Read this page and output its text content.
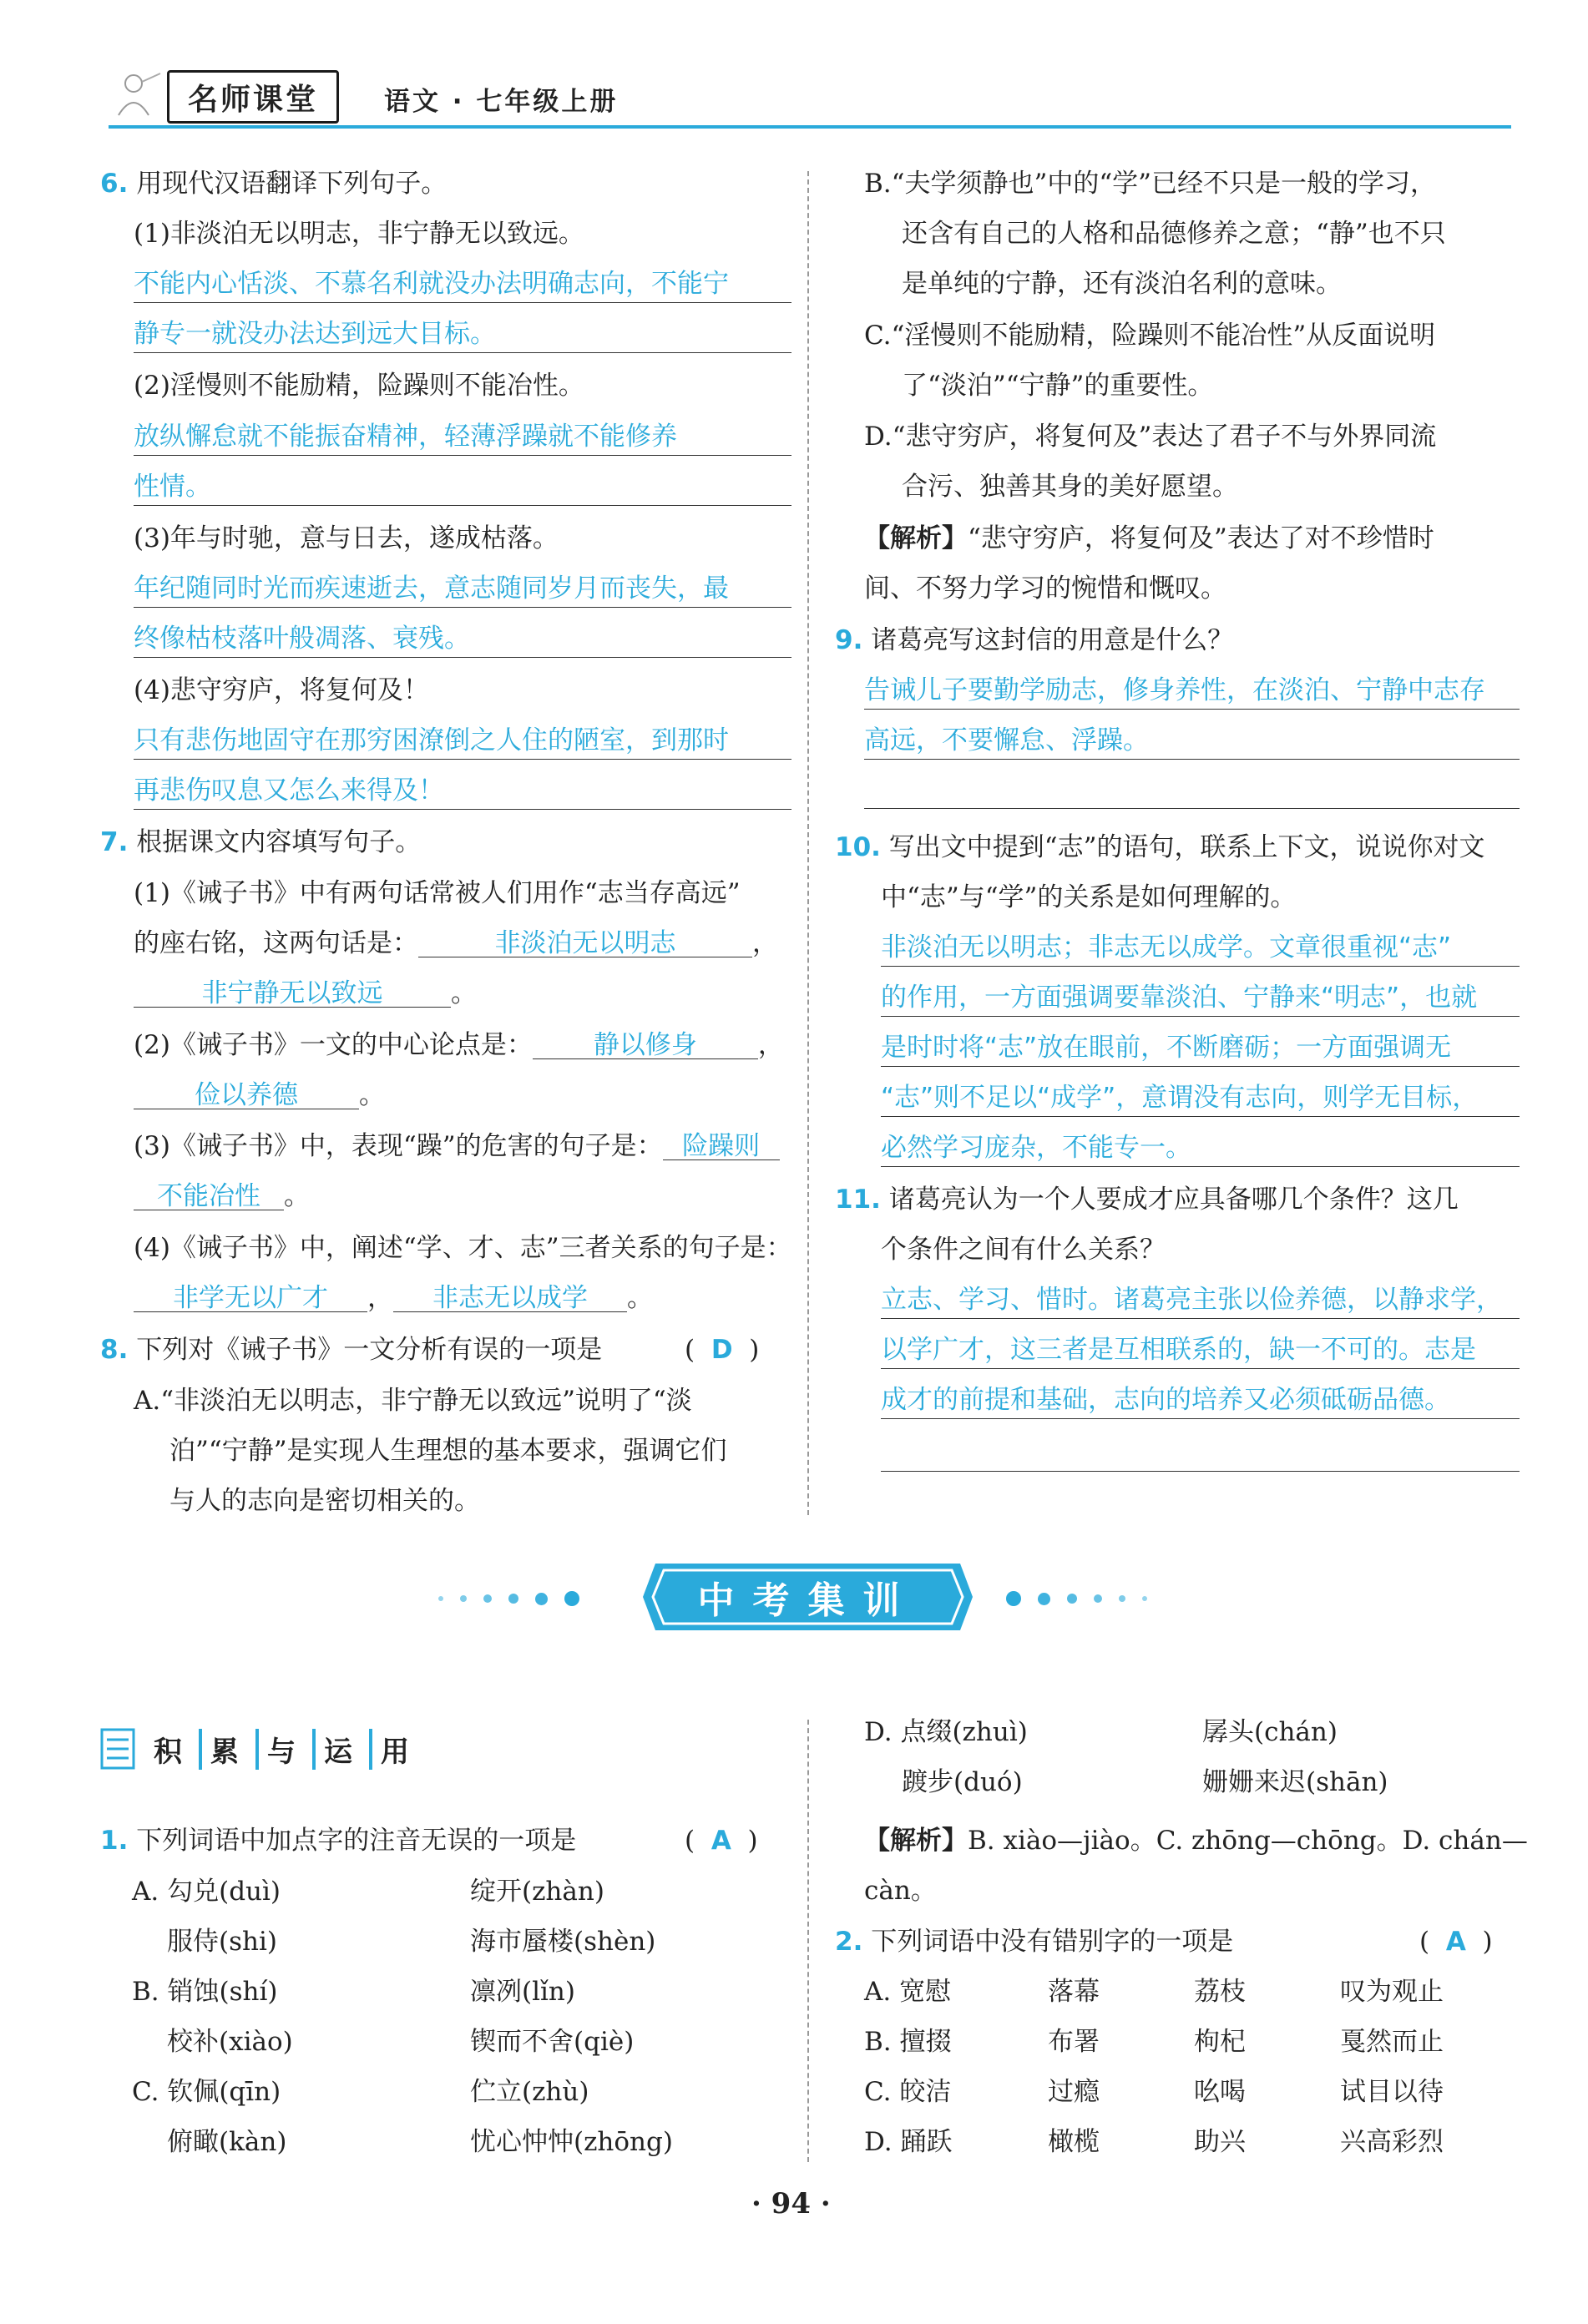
名师课堂	语文 · 七年级上册
6. 用现代汉语翻译下列句子。
(1)非淡泊无以明志，非宁静无以致远。
不能内心恬淡、不慕名利就没办法明确志向，不能宁
静专一就没办法达到远大目标。
(2)淫慢则不能励精，险躁则不能冶性。
放纵懈怠就不能振奋精神，轻薄浮躁就不能修养
性情。
(3)年与时驰，意与日去，遂成枯落。
年纪随同时光而疾速逝去，意志随同岁月而丧失，最
终像枯枝落叶般凋落、衰残。
(4)悲守穷庐，将复何及！
只有悲伤地固守在那穷困潦倒之人住的陋室，到那时
再悲伤叹息又怎么来得及！
7. 根据课文内容填写句子。
(1)《诫子书》中有两句话常被人们用作“志当存高远”
的座右铭，这两句话是：	非淡泊无以明志	，
非宁静无以致远	。
(2)《诫子书》一文的中心论点是： 静以修身 ，
俭以养德 。
(3)《诫子书》中，表现“躁”的危害的句子是： 险躁则
不能冶性 。
(4)《诫子书》中，阐述“学、才、志”三者关系的句子是：
非学无以广才 ， 非志无以成学 。
8. 下列对《诫子书》一文分析有误的一项是	( D )
A.“非淡泊无以明志，非宁静无以致远”说明了“淡
泊”“宁静”是实现人生理想的基本要求，强调它们
与人的志向是密切相关的。
B.“夫学须静也”中的“学”已经不只是一般的学习，
还含有自己的人格和品德修养之意；“静”也不只
是单纯的宁静，还有淡泊名利的意味。
C.“淫慢则不能励精，险躁则不能冶性”从反面说明
了“淡泊”“宁静”的重要性。
D.“悲守穷庐，将复何及”表达了君子不与外界同流
合污、独善其身的美好愿望。
【解析】“悲守穷庐，将复何及”表达了对不珍惜时
间、不努力学习的惋惜和慨叹。
9. 诸葛亮写这封信的用意是什么？
告诫儿子要勤学励志，修身养性，在淡泊、宁静中志存
高远，不要懈怠、浮躁。
10. 写出文中提到“志”的语句，联系上下文，说说你对文
中“志”与“学”的关系是如何理解的。
非淡泊无以明志；非志无以成学。文章很重视“志”
的作用，一方面强调要靠淡泊、宁静来“明志”，也就
是时时将“志”放在眼前，不断磨砺；一方面强调无
“志”则不足以“成学”，意谓没有志向，则学无目标，
必然学习庞杂，不能专一。
11. 诸葛亮认为一个人要成才应具备哪几个条件？这几
个条件之间有什么关系？
立志、学习、惜时。诸葛亮主张以俭养德，以静求学，
以学广才，这三者是互相联系的，缺一不可的。志是
成才的前提和基础，志向的培养又必须砥砺品德。
中考集训
积	累	与	运	用
1. 下列词语中加点字的注音无误的一项是	( A )
A. 勾兑(duì)	绽开(zhàn)
服侍(shi)	海市蜃楼(shèn)
B. 销蚀(shí)	凛冽(lǐn)
校补(xiào)	锲而不舍(qiè)
C. 钦佩(qīn)	伫立(zhù)
俯瞰(kàn)	忧心忡忡(zhōng)
D. 点缀(zhuì)	孱头(chán)
踱步(duó)	姗姗来迟(shān)
【解析】B. xiào—jiào。C. zhōng—chōng。D. chán—
càn。
2. 下列词语中没有错别字的一项是	( A )
A. 宽慰	落幕	荔枝	叹为观止
B. 擅掇	布署	枸杞	戛然而止
C. 皎洁	过瘾	吆喝	试目以待
D. 踊跃	橄榄	助兴	兴高彩烈
· 94 ·
